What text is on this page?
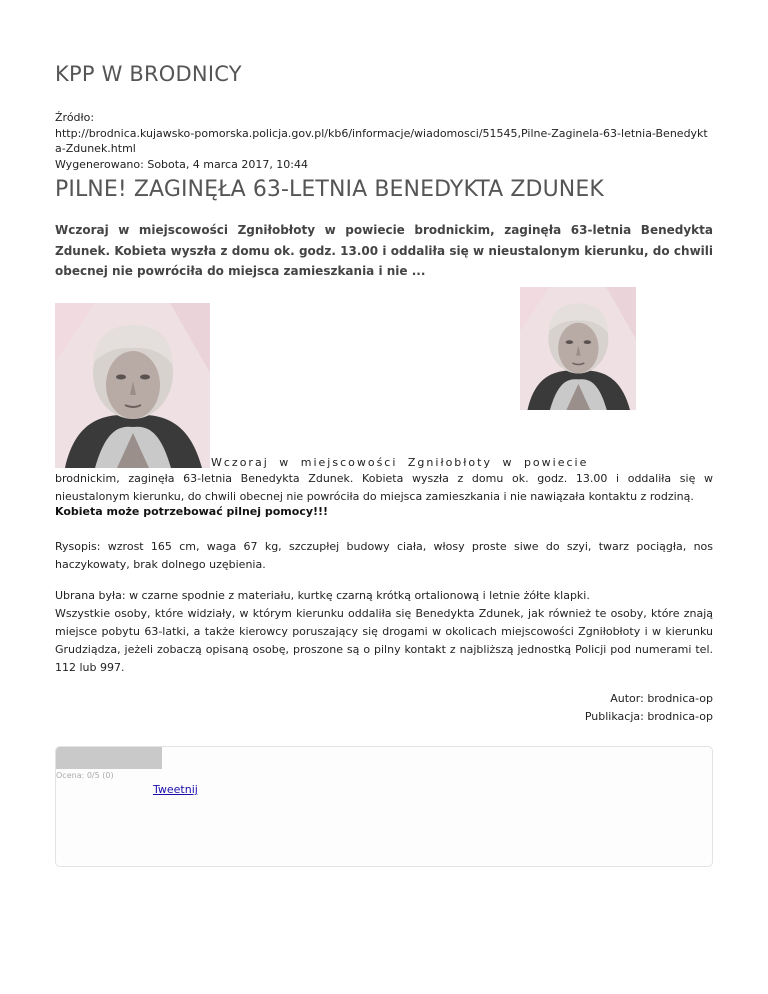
KPP W BRODNICY
Źródło:
http://brodnica.kujawsko-pomorska.policja.gov.pl/kb6/informacje/wiadomosci/51545,Pilne-Zaginela-63-letnia-Benedykta-Zdunek.html
Wygenerowano: Sobota, 4 marca 2017, 10:44
PILNE! ZAGINĘŁA 63-LETNIA BENEDYKTA ZDUNEK

Wczoraj w miejscowości Zgniłobłoty w powiecie brodnickim, zaginęła 63-letnia Benedykta Zdunek. Kobieta wyszła z domu ok. godz. 13.00 i oddaliła się w nieustalonym kierunku, do chwili obecnej nie powróciła do miejsca zamieszkania i nie ...

Wczoraj w miejscowości Zgniłobłoty w powiecie
brodnickim, zaginęła 63-letnia Benedykta Zdunek. Kobieta wyszła z domu ok. godz. 13.00 i oddaliła się w nieustalonym kierunku, do chwili obecnej nie powróciła do miejsca zamieszkania i nie nawiązała kontaktu z rodziną.
Kobieta może potrzebować pilnej pomocy!!!
Rysopis: wzrost 165 cm, waga 67 kg, szczupłej budowy ciała, włosy proste siwe do szyi, twarz pociągła, nos haczykowaty, brak dolnego uzębienia.
Ubrana była: w czarne spodnie z materiału, kurtkę czarną krótką ortalionową i letnie żółte klapki.
Wszystkie osoby, które widziały, w którym kierunku oddaliła się Benedykta Zdunek, jak również te osoby, które znają miejsce pobytu 63-latki, a także kierowcy poruszający się drogami w okolicach miejscowości Zgniłobłoty i w kierunku Grudziądza, jeżeli zobaczą opisaną osobę, proszone są o pilny kontakt z najbliższą jednostką Policji pod numerami tel. 112 lub 997.
Autor: brodnica-op
Publikacja: brodnica-op
Ocena: 0/5 (0)
Tweetnij
